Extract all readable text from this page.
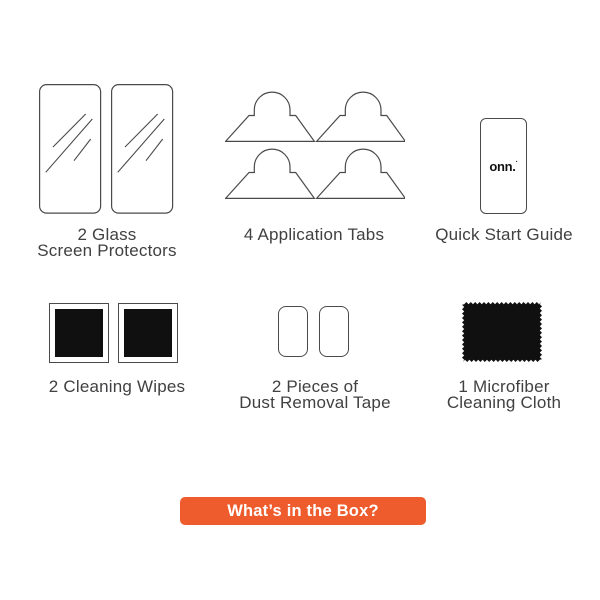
onn.·
2 Glass
Screen Protectors
4 Application Tabs	Quick Start Guide
2 Cleaning Wipes	2 Pieces of
Dust Removal Tape
1 Microfiber
Cleaning Cloth
What’s in the Box?
